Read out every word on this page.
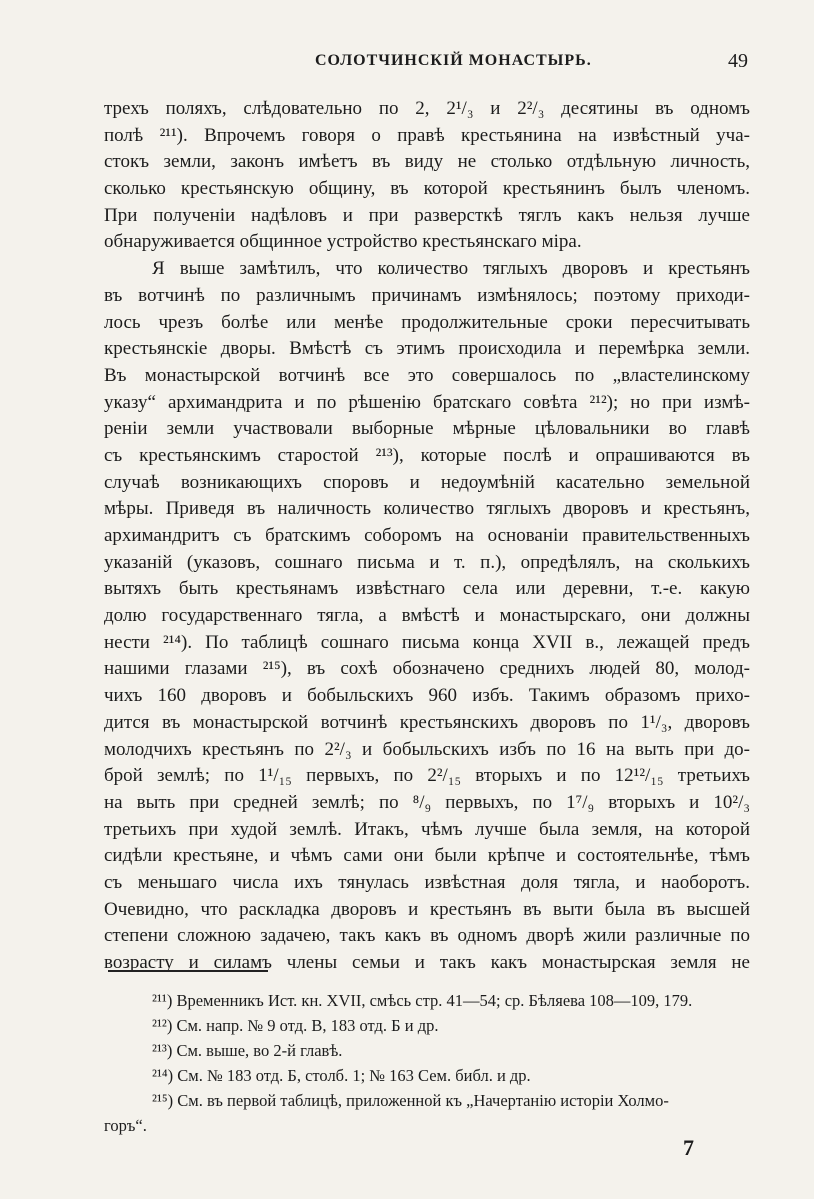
СОЛОТЧИНСКІЙ МОНАСТЫРЬ.	49
трехъ поляхъ, слѣдовательно по 2, 2¹/₃ и 2²/₃ десятины въ одномъ
полѣ ²¹¹). Впрочемъ говоря о правѣ крестьянина на извѣстный уча-
стокъ земли, законъ имѣетъ въ виду не столько отдѣльную личность,
сколько крестьянскую общину, въ которой крестьянинъ былъ членомъ.
При полученіи надѣловъ и при разверсткѣ тяглъ какъ нельзя лучше
обнаруживается общинное устройство крестьянскаго міра.
Я выше замѣтилъ, что количество тяглыхъ дворовъ и крестьянъ
въ вотчинѣ по различнымъ причинамъ измѣнялось; поэтому приходи-
лось чрезъ болѣе или менѣе продолжительные сроки пересчитывать
крестьянскіе дворы. Вмѣстѣ съ этимъ происходила и перемѣрка земли.
Въ монастырской вотчинѣ все это совершалось по „властелинскому
указу“ архимандрита и по рѣшенію братскаго совѣта ²¹²); но при измѣ-
реніи земли участвовали выборные мѣрные цѣловальники во главѣ
съ крестьянскимъ старостой ²¹³), которые послѣ и опрашиваются въ
случаѣ возникающихъ споровъ и недоумѣній касательно земельной
мѣры. Приведя въ наличность количество тяглыхъ дворовъ и крестьянъ,
архимандритъ съ братскимъ соборомъ на основаніи правительственныхъ
указаній (указовъ, сошнаго письма и т. п.), опредѣлялъ, на сколькихъ
вытяхъ быть крестьянамъ извѣстнаго села или деревни, т.-е. какую
долю государственнаго тягла, а вмѣстѣ и монастырскаго, они должны
нести ²¹⁴). По таблицѣ сошнаго письма конца XVII в., лежащей предъ
нашими глазами ²¹⁵), въ сохѣ обозначено среднихъ людей 80, молод-
чихъ 160 дворовъ и бобыльскихъ 960 избъ. Такимъ образомъ прихо-
дится въ монастырской вотчинѣ крестьянскихъ дворовъ по 1¹/₃, дворовъ
молодчихъ крестьянъ по 2²/₃ и бобыльскихъ избъ по 16 на выть при до-
брой землѣ; по 1¹/₁₅ первыхъ, по 2²/₁₅ вторыхъ и по 12¹²/₁₅ третьихъ
на выть при средней землѣ; по ⁸/₉ первыхъ, по 1⁷/₉ вторыхъ и 10²/₃
третьихъ при худой землѣ. Итакъ, чѣмъ лучше была земля, на которой
сидѣли крестьяне, и чѣмъ сами они были крѣпче и состоятельнѣе, тѣмъ
съ меньшаго числа ихъ тянулась извѣстная доля тягла, и наоборотъ.
Очевидно, что раскладка дворовъ и крестьянъ въ выти была въ высшей
степени сложною задачею, такъ какъ въ одномъ дворѣ жили различные по
возрасту и силамъ члены семьи и такъ какъ монастырская земля не
²¹¹) Временникъ Ист. кн. XVII, смѣсь стр. 41—54; ср. Бѣляева 108—109, 179.
²¹²) См. напр. № 9 отд. В, 183 отд. Б и др.
²¹³) См. выше, во 2-й главѣ.
²¹⁴) См. № 183 отд. Б, столб. 1; № 163 Сем. библ. и др.
²¹⁵) См. въ первой таблицѣ, приложенной къ „Начертанію исторіи Холмо-
горъ“.
7
